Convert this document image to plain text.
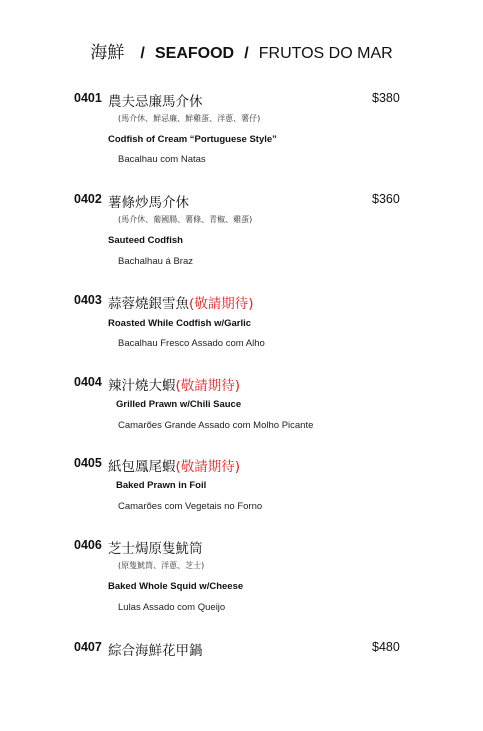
海鮮 / SEAFOOD / FRUTOS DO MAR
0401 農夫忌廉馬介休	$380
(馬介休、鮮忌廉、鮮雞蛋、洋蔥、薯仔)
Codfish of Cream “Portuguese Style”
Bacalhau com Natas
0402 薯條炒馬介休	$360
(馬介休、葡國腸、薯條、青椒、雞蛋)
Sauteed Codfish
Bachalhau á Braz
0403 蒜蓉燒銀雪魚(敬請期待)
Roasted While Codfish w/Garlic
Bacalhau Fresco Assado com Alho
0404 辣汁燒大蝦(敬請期待)
Grilled Prawn w/Chili Sauce
Camarões Grande Assado com Molho Picante
0405 紙包鳳尾蝦(敬請期待)
Baked Prawn in Foil
Camarões com Vegetais no Forno
0406 芝士焗原隻魷筒
(原隻魷筒、洋蔥、芝士)
Baked Whole Squid w/Cheese
Lulas Assado com Queijo
0407 綜合海鮮花甲鍋	$480
